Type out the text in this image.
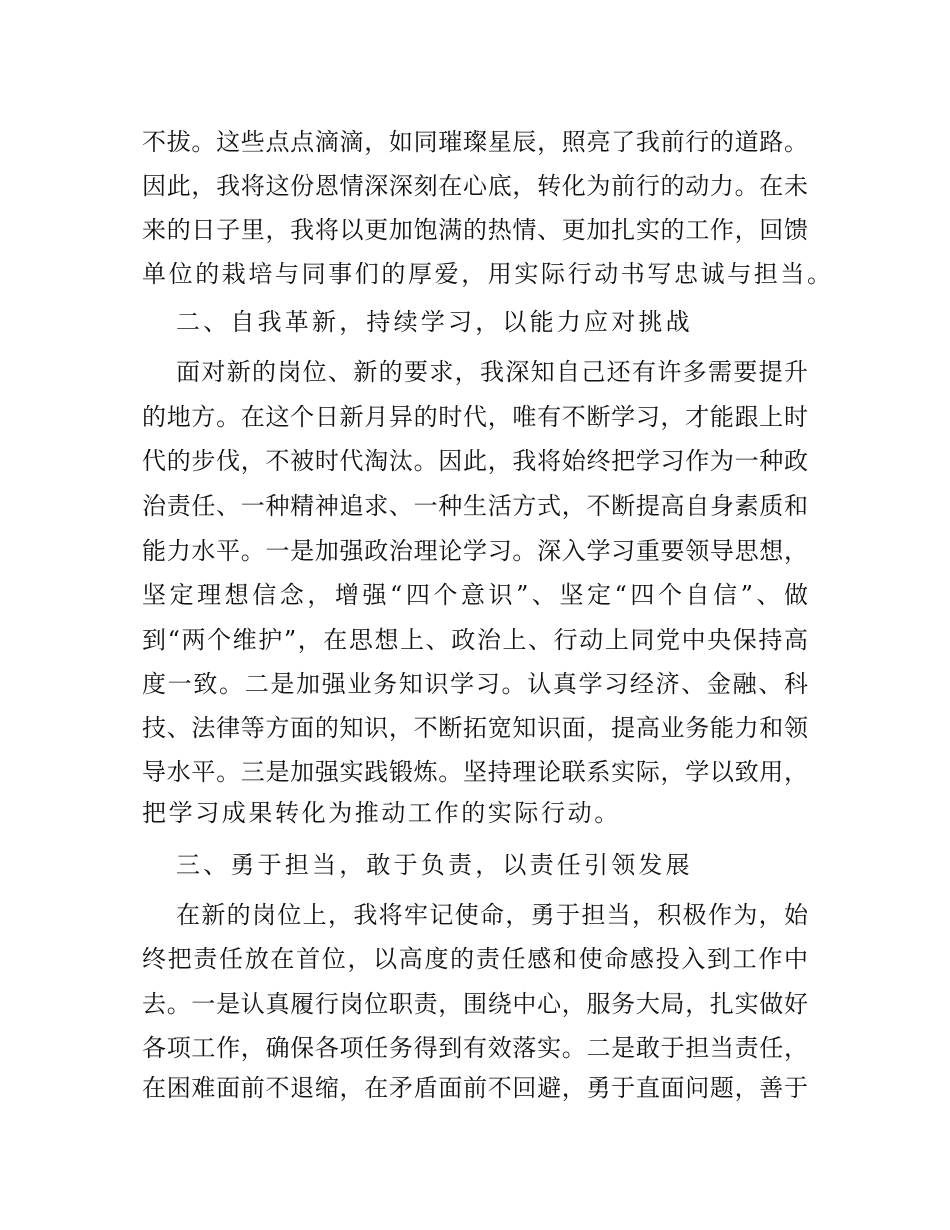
不拔。这些点点滴滴，如同璀璨星辰，照亮了我前行的道路。
因此，我将这份恩情深深刻在心底，转化为前行的动力。在未
来的日子里，我将以更加饱满的热情、更加扎实的工作，回馈
单位的栽培与同事们的厚爱，用实际行动书写忠诚与担当。
二、自我革新，持续学习，以能力应对挑战
面对新的岗位、新的要求，我深知自己还有许多需要提升
的地方。在这个日新月异的时代，唯有不断学习，才能跟上时
代的步伐，不被时代淘汰。因此，我将始终把学习作为一种政
治责任、一种精神追求、一种生活方式，不断提高自身素质和
能力水平。一是加强政治理论学习。深入学习重要领导思想，
坚定理想信念，增强“四个意识”、坚定“四个自信”、做
到“两个维护”，在思想上、政治上、行动上同党中央保持高
度一致。二是加强业务知识学习。认真学习经济、金融、科
技、法律等方面的知识，不断拓宽知识面，提高业务能力和领
导水平。三是加强实践锻炼。坚持理论联系实际，学以致用，
把学习成果转化为推动工作的实际行动。
三、勇于担当，敢于负责，以责任引领发展
在新的岗位上，我将牢记使命，勇于担当，积极作为，始
终把责任放在首位，以高度的责任感和使命感投入到工作中
去。一是认真履行岗位职责，围绕中心，服务大局，扎实做好
各项工作，确保各项任务得到有效落实。二是敢于担当责任，
在困难面前不退缩，在矛盾面前不回避，勇于直面问题，善于
